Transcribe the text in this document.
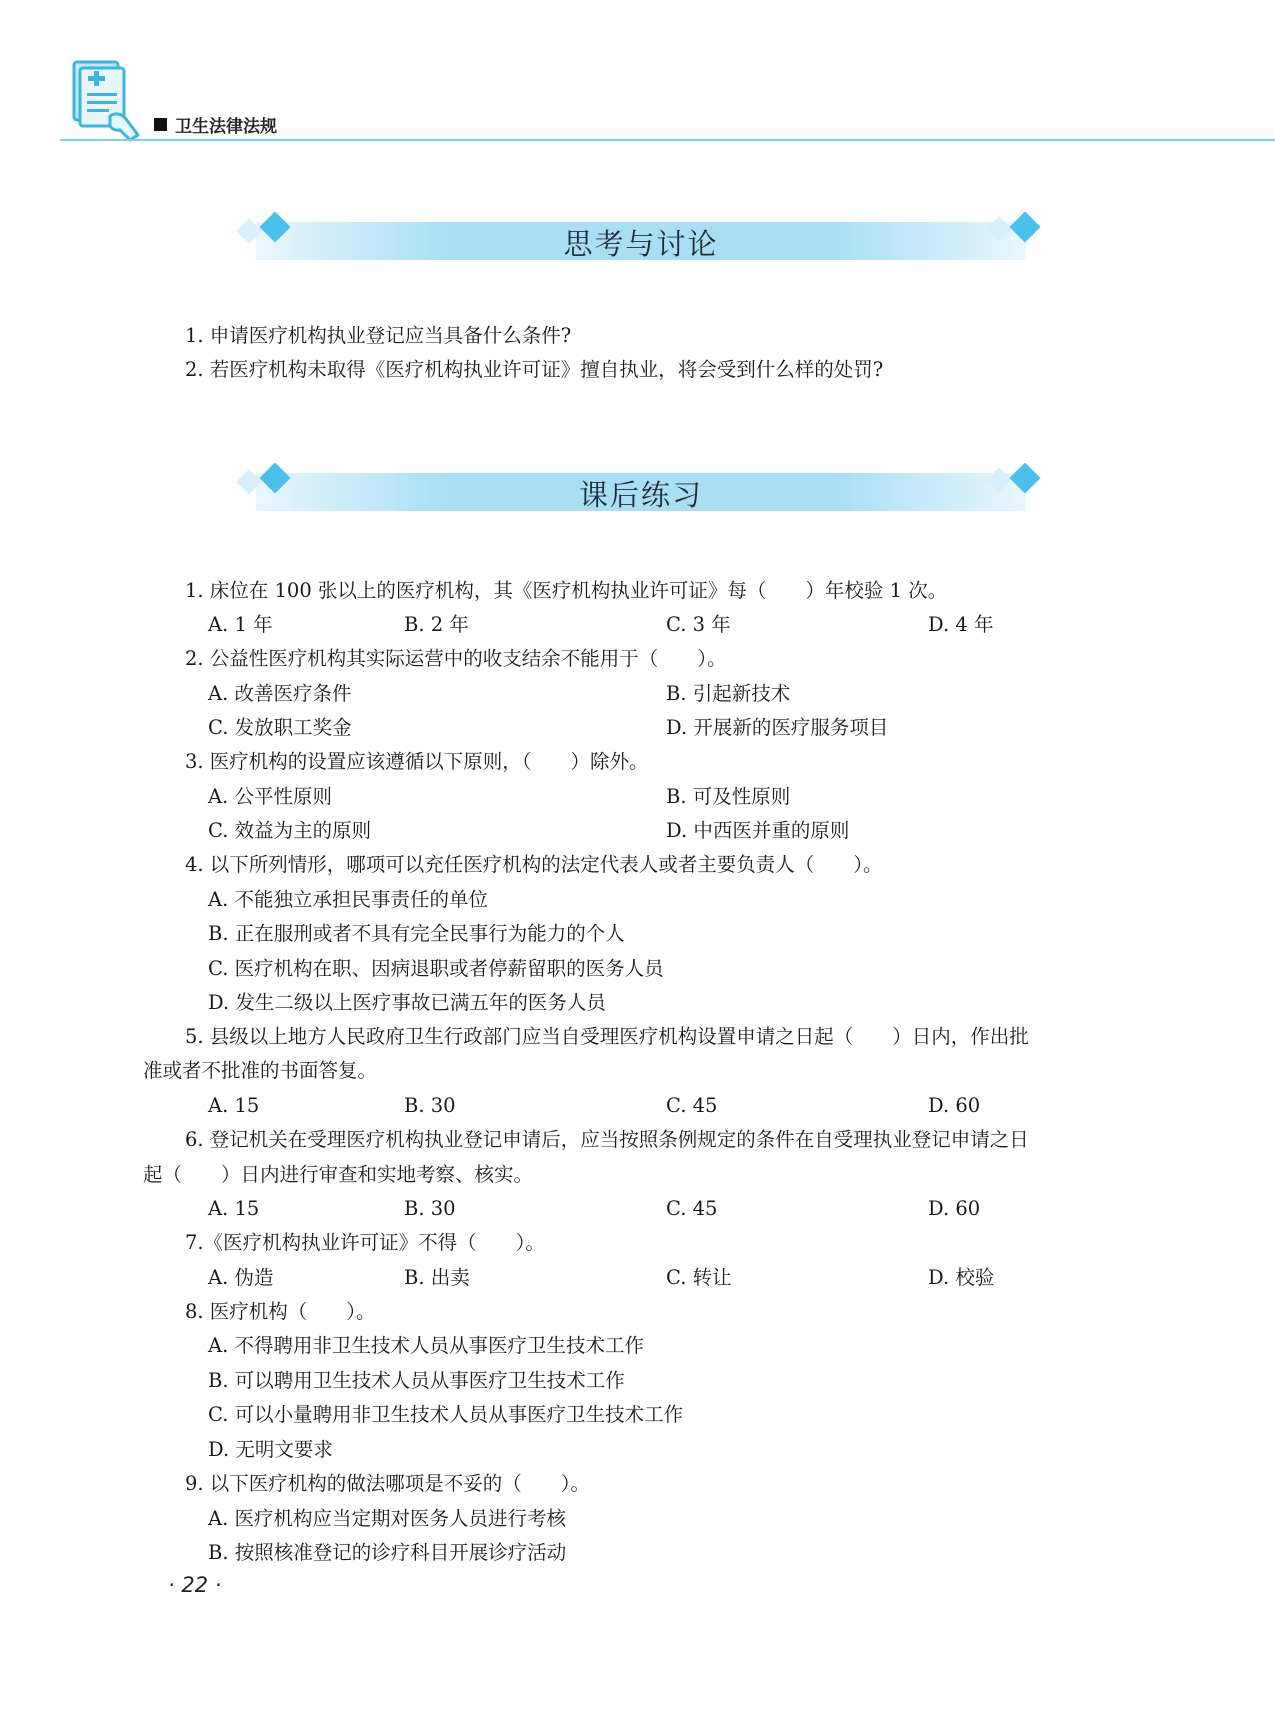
卫生法律法规
思考与讨论
1. 申请医疗机构执业登记应当具备什么条件?
2. 若医疗机构未取得《医疗机构执业许可证》擅自执业，将会受到什么样的处罚?
课后练习
1. 床位在 100 张以上的医疗机构，其《医疗机构执业许可证》每（　　）年校验 1 次。
A. 1 年	B. 2 年	C. 3 年	D. 4 年
2. 公益性医疗机构其实际运营中的收支结余不能用于（　　）。
A. 改善医疗条件	B. 引起新技术
C. 发放职工奖金	D. 开展新的医疗服务项目
3. 医疗机构的设置应该遵循以下原则，（　　）除外。
A. 公平性原则	B. 可及性原则
C. 效益为主的原则	D. 中西医并重的原则
4. 以下所列情形，哪项可以充任医疗机构的法定代表人或者主要负责人（　　）。
A. 不能独立承担民事责任的单位
B. 正在服刑或者不具有完全民事行为能力的个人
C. 医疗机构在职、因病退职或者停薪留职的医务人员
D. 发生二级以上医疗事故已满五年的医务人员
5. 县级以上地方人民政府卫生行政部门应当自受理医疗机构设置申请之日起（　　）日内，作出批
准或者不批准的书面答复。
A. 15	B. 30	C. 45	D. 60
6. 登记机关在受理医疗机构执业登记申请后，应当按照条例规定的条件在自受理执业登记申请之日
起（　　）日内进行审查和实地考察、核实。
A. 15	B. 30	C. 45	D. 60
7.《医疗机构执业许可证》不得（　　）。
A. 伪造	B. 出卖	C. 转让	D. 校验
8. 医疗机构（　　）。
A. 不得聘用非卫生技术人员从事医疗卫生技术工作
B. 可以聘用卫生技术人员从事医疗卫生技术工作
C. 可以小量聘用非卫生技术人员从事医疗卫生技术工作
D. 无明文要求
9. 以下医疗机构的做法哪项是不妥的（　　）。
A. 医疗机构应当定期对医务人员进行考核
B. 按照核准登记的诊疗科目开展诊疗活动
· 22 ·
